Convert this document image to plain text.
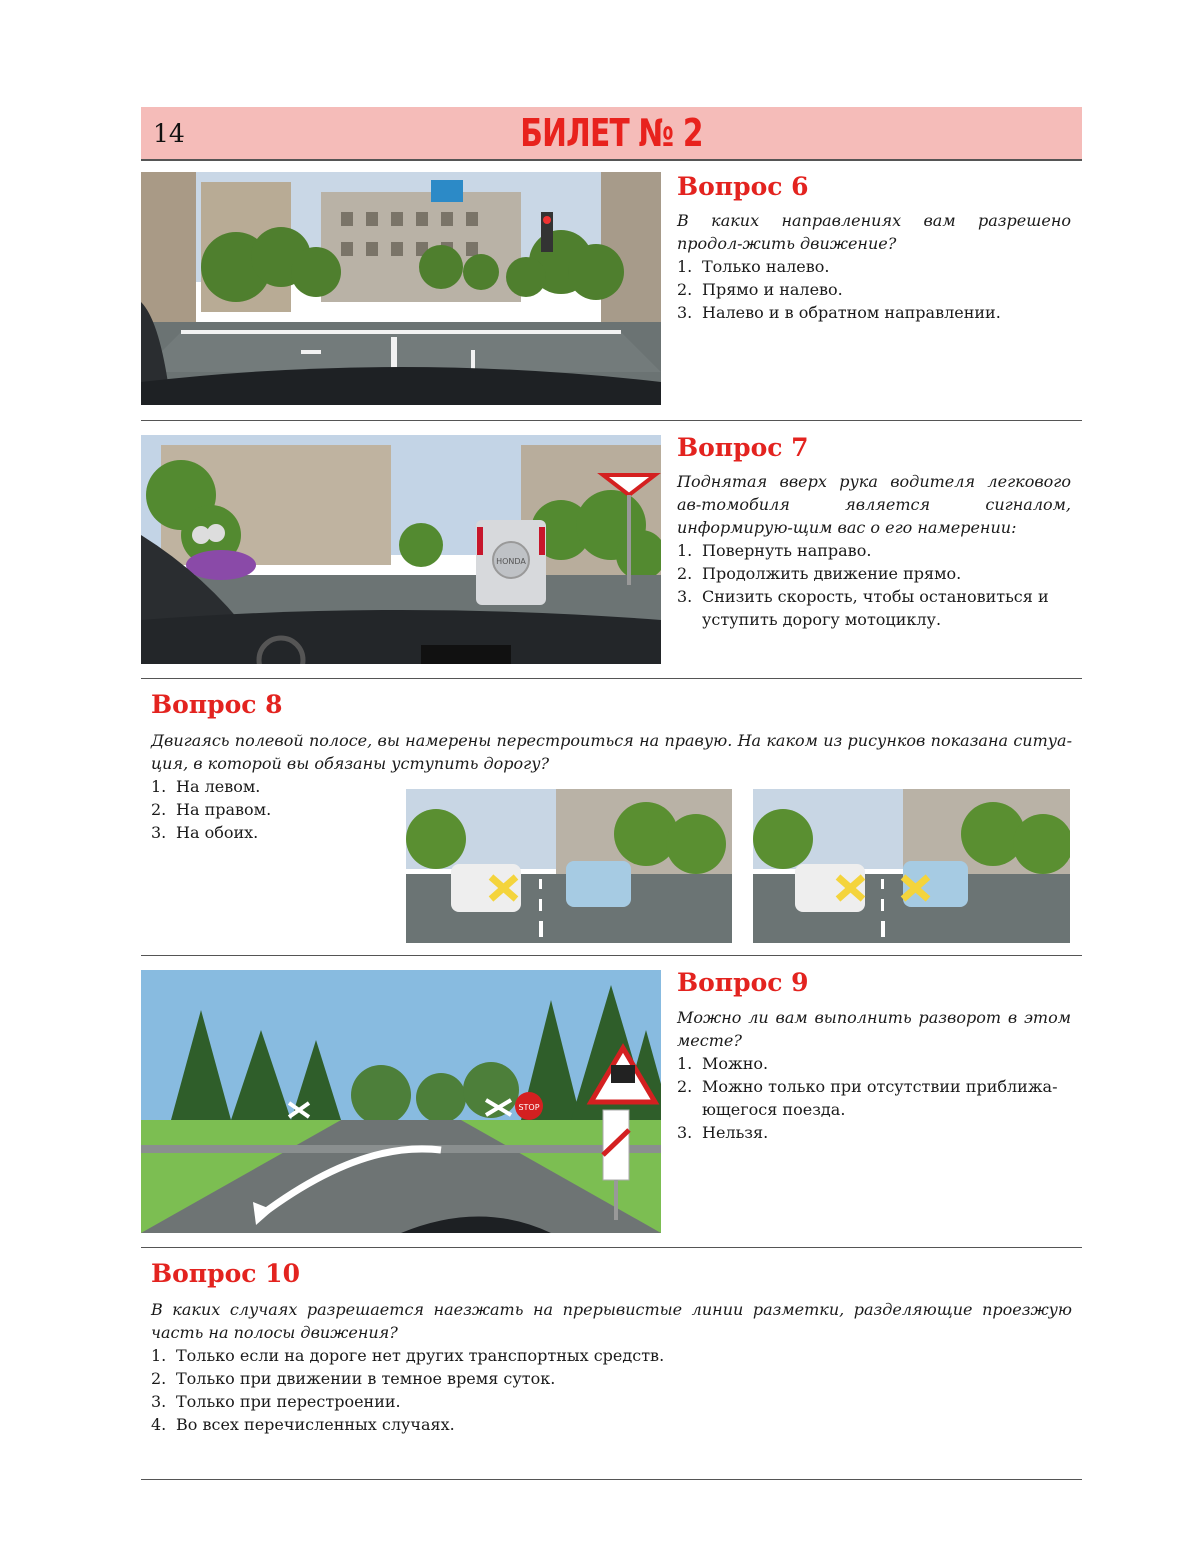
14	БИЛЕТ № 2
Вопрос 6

В каких направлениях вам разрешено продол-жить движение?

1. Только налево.
2. Прямо и налево.
3. Налево и в обратном направлении.
HONDA
Вопрос 7

Поднятая вверх рука водителя легкового ав-томобиля является сигналом, информирую-щим вас о его намерении:

1. Повернуть направо.
2. Продолжить движение прямо.
3. Снизить скорость, чтобы остановиться и уступить дорогу мотоциклу.
Вопрос 8

Двигаясь полевой полосе, вы намерены перестроиться на правую. На каком из рисунков показана ситуа-ция, в которой вы обязаны уступить дорогу?

1. На левом.
2. На правом.
3. На обоих.
STOP
Вопрос 9

Можно ли вам выполнить разворот в этом месте?

1. Можно.
2. Можно только при отсутствии приближа-ющегося поезда.
3. Нельзя.
Вопрос 10

В каких случаях разрешается наезжать на прерывистые линии разметки, разделяющие проезжую часть на полосы движения?

1. Только если на дороге нет других транспортных средств.
2. Только при движении в темное время суток.
3. Только при перестроении.
4. Во всех перечисленных случаях.
